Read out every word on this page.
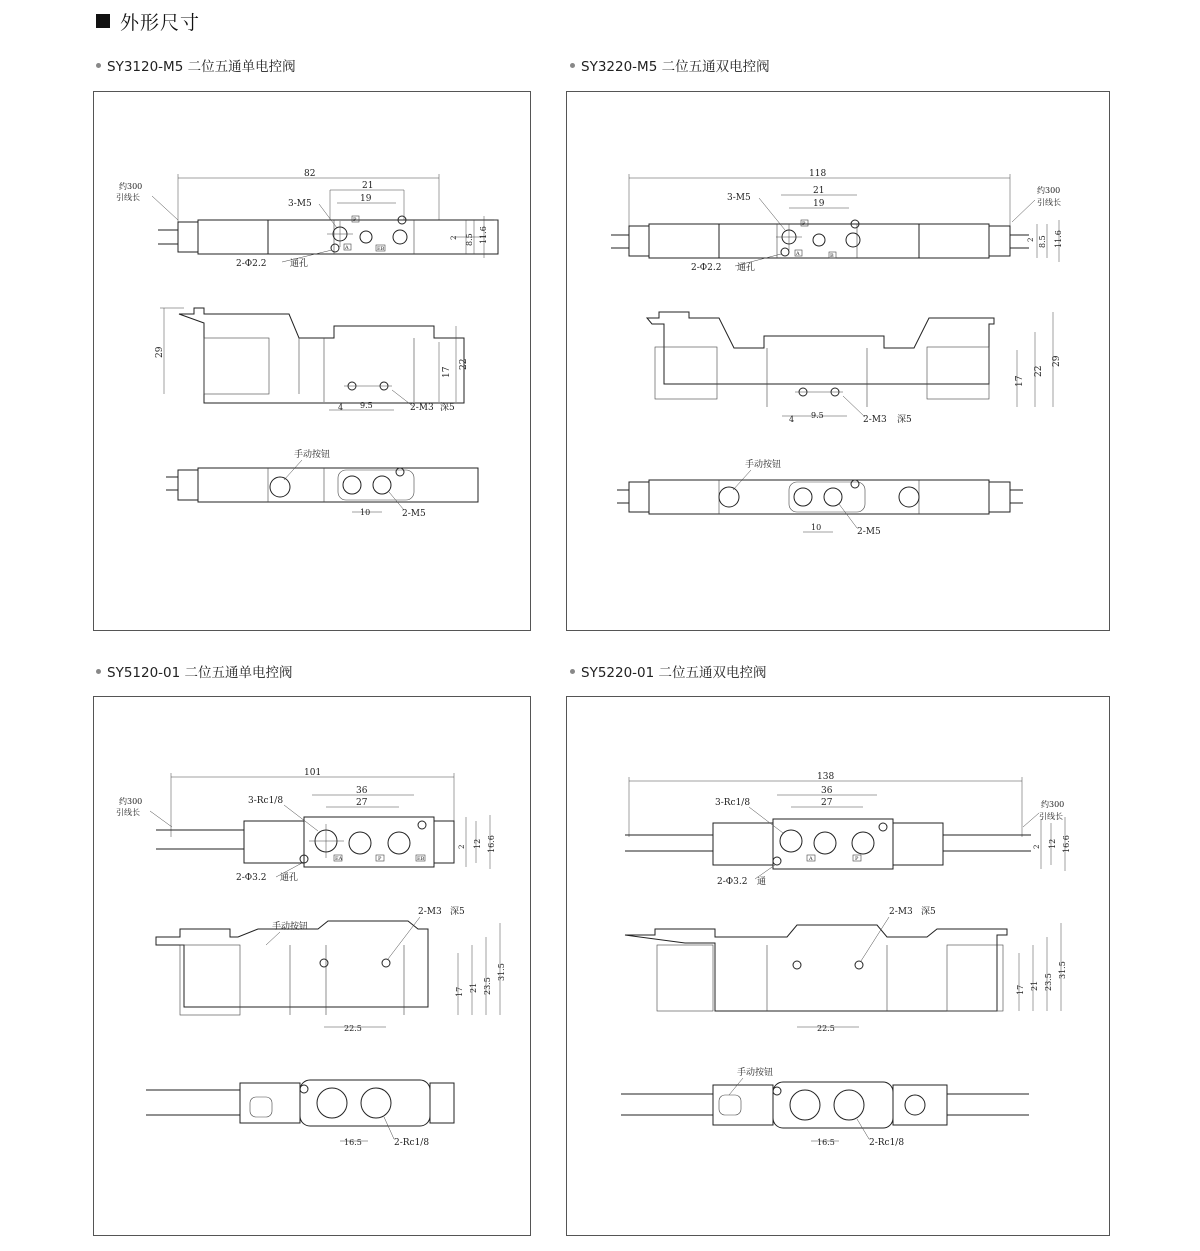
外形尺寸
SY3120-M5 二位五通单电控阀	SY3220-M5 二位五通双电控阀
SY5120-01 二位五通单电控阀	SY5220-01 二位五通双电控阀
82
21
19
约300
引线长
3-M5
2-Φ2.2	通孔
P
A	EB
2 8.5 11.6
29
17
22
4 9.5	2-M3 深5
手动按钮
10	2-M5
118
21
19
约300
引线长
3-M5
2-Φ2.2 通孔
P
A	B
2 8.5 11.6
17
22
29
4 9.5	2-M3 深5
手动按钮
10	2-M5
101
36
27
约300
引线长
3-Rc1/8
2-Φ3.2 通孔
EA	P	EB
2 12 16.6
手动按钮
2-M3 深5
22.5
17 21 23.5
31.5
16.5	2-Rc1/8
138
36
27	约300
引线长
3-Rc1/8
2-Φ3.2 通
A	P
2 12 16.6
2-M3 深5
22.5
17 21 23.5
31.5
手动按钮
16.5	2-Rc1/8
